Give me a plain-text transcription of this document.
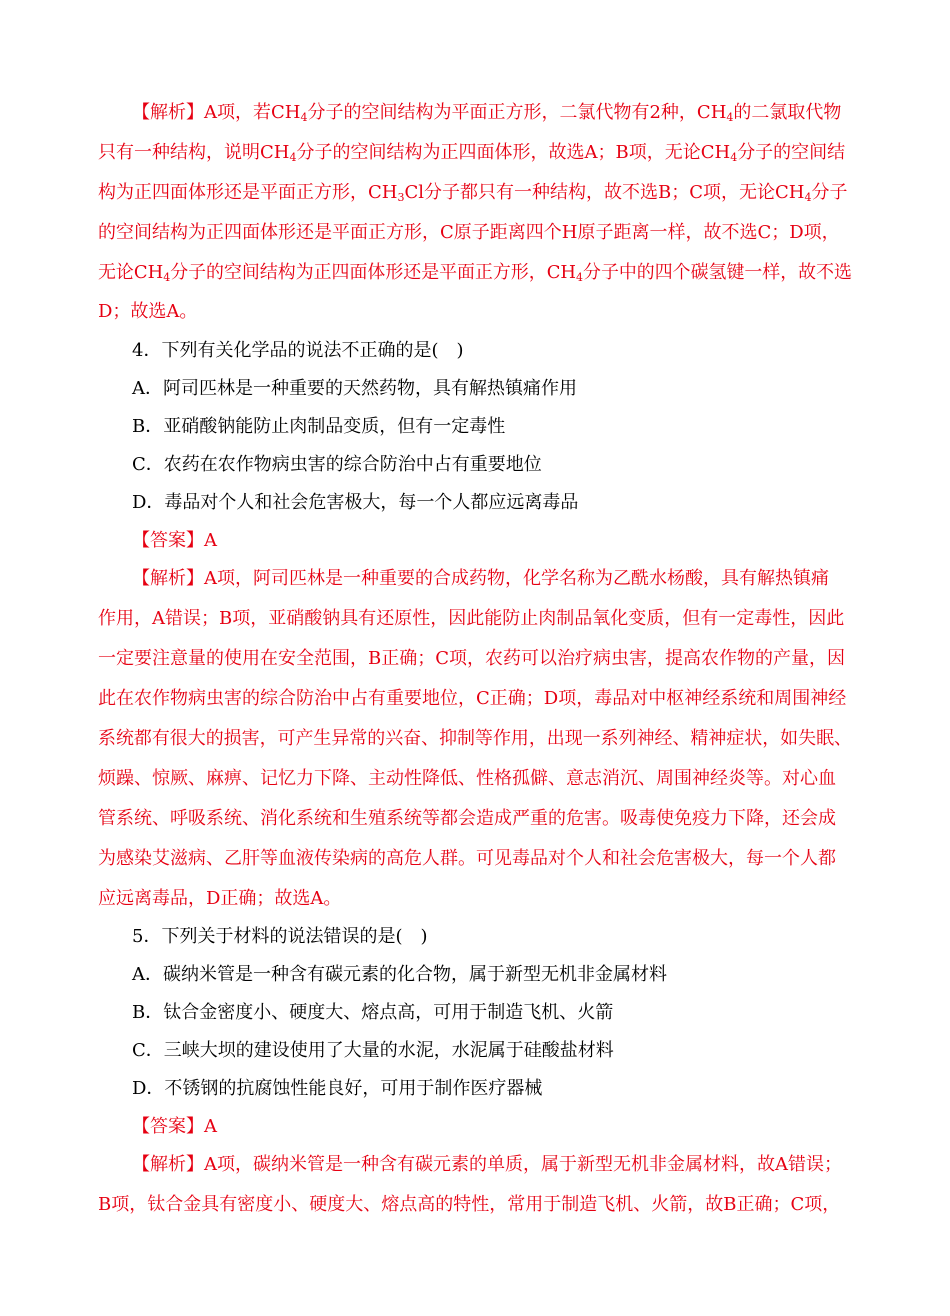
【解析】A项，若$CH_4$分子的空间结构为平面正方形，二氯代物有2种，$CH_4$的二氯取代物
只有一种结构，说明$CH_4$分子的空间结构为正四面体形，故选A；B项，无论$CH_4$分子的空间结
构为正四面体形还是平面正方形，$CH_3Cl$分子都只有一种结构，故不选B；C项，无论$CH_4$分子
的空间结构为正四面体形还是平面正方形，C原子距离四个H原子距离一样，故不选C；D项，
无论$CH_4$分子的空间结构为正四面体形还是平面正方形，$CH_4$分子中的四个碳氢键一样，故不选
D；故选A。
4．下列有关化学品的说法不正确的是(　)
A．阿司匹林是一种重要的天然药物，具有解热镇痛作用
B．亚硝酸钠能防止肉制品变质，但有一定毒性
C．农药在农作物病虫害的综合防治中占有重要地位
D．毒品对个人和社会危害极大，每一个人都应远离毒品
【答案】A
【解析】A项，阿司匹林是一种重要的合成药物，化学名称为乙酰水杨酸，具有解热镇痛
作用，A错误；B项，亚硝酸钠具有还原性，因此能防止肉制品氧化变质，但有一定毒性，因此
一定要注意量的使用在安全范围，B正确；C项，农药可以治疗病虫害，提高农作物的产量，因
此在农作物病虫害的综合防治中占有重要地位，C正确；D项，毒品对中枢神经系统和周围神经
系统都有很大的损害，可产生异常的兴奋、抑制等作用，出现一系列神经、精神症状，如失眠、
烦躁、惊厥、麻痹、记忆力下降、主动性降低、性格孤僻、意志消沉、周围神经炎等。对心血
管系统、呼吸系统、消化系统和生殖系统等都会造成严重的危害。吸毒使免疫力下降，还会成
为感染艾滋病、乙肝等血液传染病的高危人群。可见毒品对个人和社会危害极大，每一个人都
应远离毒品，D正确；故选A。
5．下列关于材料的说法错误的是(　)
A．碳纳米管是一种含有碳元素的化合物，属于新型无机非金属材料
B．钛合金密度小、硬度大、熔点高，可用于制造飞机、火箭
C．三峡大坝的建设使用了大量的水泥，水泥属于硅酸盐材料
D．不锈钢的抗腐蚀性能良好，可用于制作医疗器械
【答案】A
【解析】A项，碳纳米管是一种含有碳元素的单质，属于新型无机非金属材料，故A错误；
B项，钛合金具有密度小、硬度大、熔点高的特性，常用于制造飞机、火箭，故B正确；C项，
